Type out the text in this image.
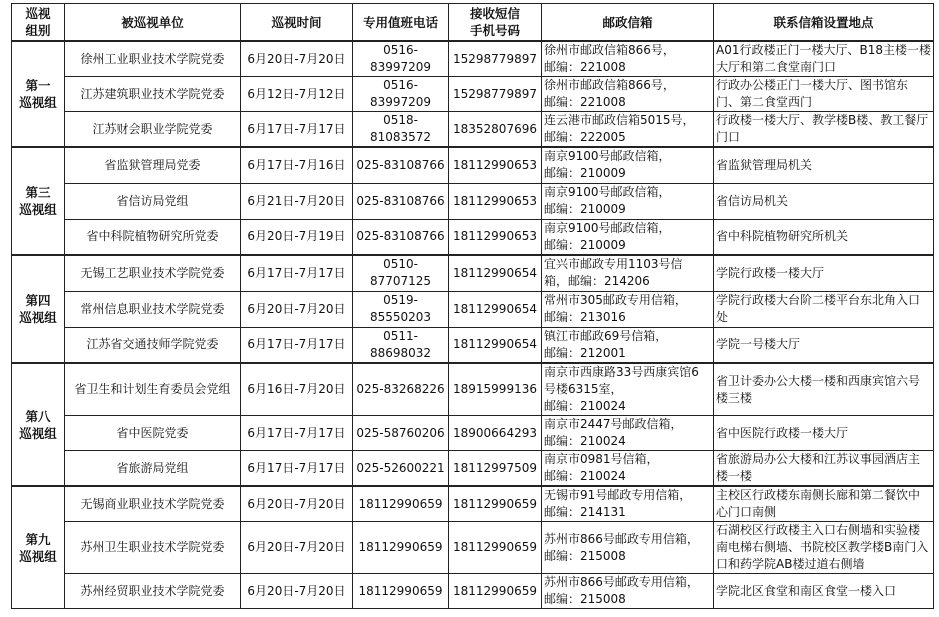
巡视
组别	被巡视单位	巡视时间	专用值班电话	接收短信
手机号码	邮政信箱	联系信箱设置地点

第一
巡视组	徐州工业职业技术学院党委	6月20日-7月20日	0516-
83997209	15298779897	徐州市邮政信箱866号，
邮编：221008	A01行政楼正门一楼大厅、B18主楼一楼大厅和第二食堂南门口
	江苏建筑职业技术学院党委	6月12日-7月12日	0516-
83997209	15298779897	徐州市邮政信箱866号，
邮编：221008	行政办公楼正门一楼大厅、图书馆东门、第二食堂西门
	江苏财会职业学院党委	6月17日-7月17日	0518-
81083572	18352807696	连云港市邮政信箱5015号，
邮编：222005	行政楼一楼大厅、教学楼B楼、教工餐厅门口

第三
巡视组	省监狱管理局党委	6月17日-7月16日	025-83108766	18112990653	南京9100号邮政信箱，
邮编：210009	省监狱管理局机关
	省信访局党组	6月21日-7月20日	025-83108766	18112990653	南京9100号邮政信箱，
邮编：210009	省信访局机关
	省中科院植物研究所党委	6月20日-7月19日	025-83108766	18112990653	南京9100号邮政信箱，
邮编：210009	省中科院植物研究所机关

第四
巡视组	无锡工艺职业技术学院党委	6月17日-7月17日	0510-
87707125	18112990654	宜兴市邮政专用1103号信
箱，邮编：214206	学院行政楼一楼大厅
	常州信息职业技术学院党委	6月20日-7月20日	0519-
85550203	18112990654	常州市305邮政专用信箱，
邮编：213016	学院行政楼大台阶二楼平台东北角入口处
	江苏省交通技师学院党委	6月17日-7月17日	0511-
88698032	18112990654	镇江市邮政69号信箱，
邮编：212001	学院一号楼大厅

第八
巡视组	省卫生和计划生育委员会党组	6月16日-7月20日	025-83268226	18915999136	南京市西康路33号西康宾馆6
号楼6315室，
邮编：210024	省卫计委办公大楼一楼和西康宾馆六号楼三楼
	省中医院党委	6月17日-7月17日	025-58760206	18900664293	南京市2447号邮政信箱，
邮编：210024	省中医院行政楼一楼大厅
	省旅游局党组	6月17日-7月17日	025-52600221	18112997509	南京市0981号信箱，
邮编：210024	省旅游局办公大楼和江苏议事园酒店主楼一楼

第九
巡视组	无锡商业职业技术学院党委	6月20日-7月20日	18112990659	18112990659	无锡市91号邮政专用信箱，
邮编：214131	主校区行政楼东南侧长廊和第二餐饮中心门口南侧
	苏州卫生职业技术学院党委	6月20日-7月20日	18112990659	18112990659	苏州市866号邮政专用信箱，
邮编：215008	石湖校区行政楼主入口右侧墙和实验楼南电梯右侧墙、书院校区教学楼B南门入口和药学院AB楼过道右侧墙
	苏州经贸职业技术学院党委	6月20日-7月20日	18112990659	18112990659	苏州市866号邮政专用信箱，
邮编：215008	学院北区食堂和南区食堂一楼入口
